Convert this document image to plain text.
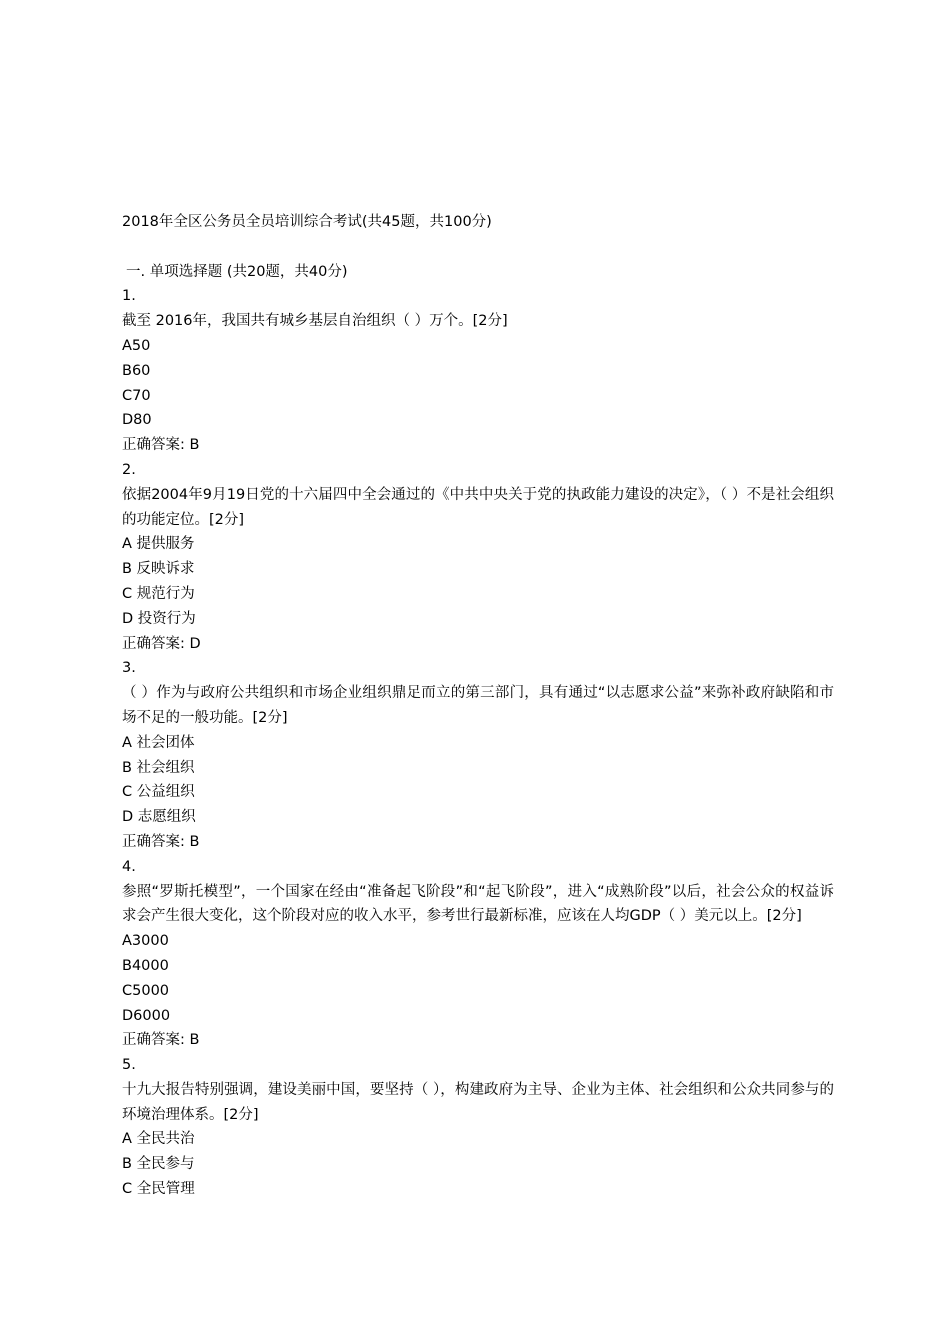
2018年全区公务员全员培训综合考试(共45题，共100分)

一. 单项选择题 (共20题，共40分)

1.

截至 2016年，我国共有城乡基层自治组织（ ）万个。[2分]

A50

B60

C70

D80

正确答案: B

2.

依据2004年9月19日党的十六届四中全会通过的《中共中央关于党的执政能力建设的决定》，（ ）不是社会组织的功能定位。[2分]

A 提供服务

B 反映诉求

C 规范行为

D 投资行为

正确答案: D

3.

（ ）作为与政府公共组织和市场企业组织鼎足而立的第三部门，具有通过“以志愿求公益”来弥补政府缺陷和市场不足的一般功能。[2分]

A 社会团体

B 社会组织

C 公益组织

D 志愿组织

正确答案: B

4.

参照“罗斯托模型”，一个国家在经由“准备起飞阶段”和“起飞阶段”，进入“成熟阶段”以后，社会公众的权益诉求会产生很大变化，这个阶段对应的收入水平，参考世行最新标准，应该在人均GDP（ ）美元以上。[2分]

A3000

B4000

C5000

D6000

正确答案: B

5.

十九大报告特别强调，建设美丽中国，要坚持（ ），构建政府为主导、企业为主体、社会组织和公众共同参与的环境治理体系。[2分]

A 全民共治

B 全民参与

C 全民管理
